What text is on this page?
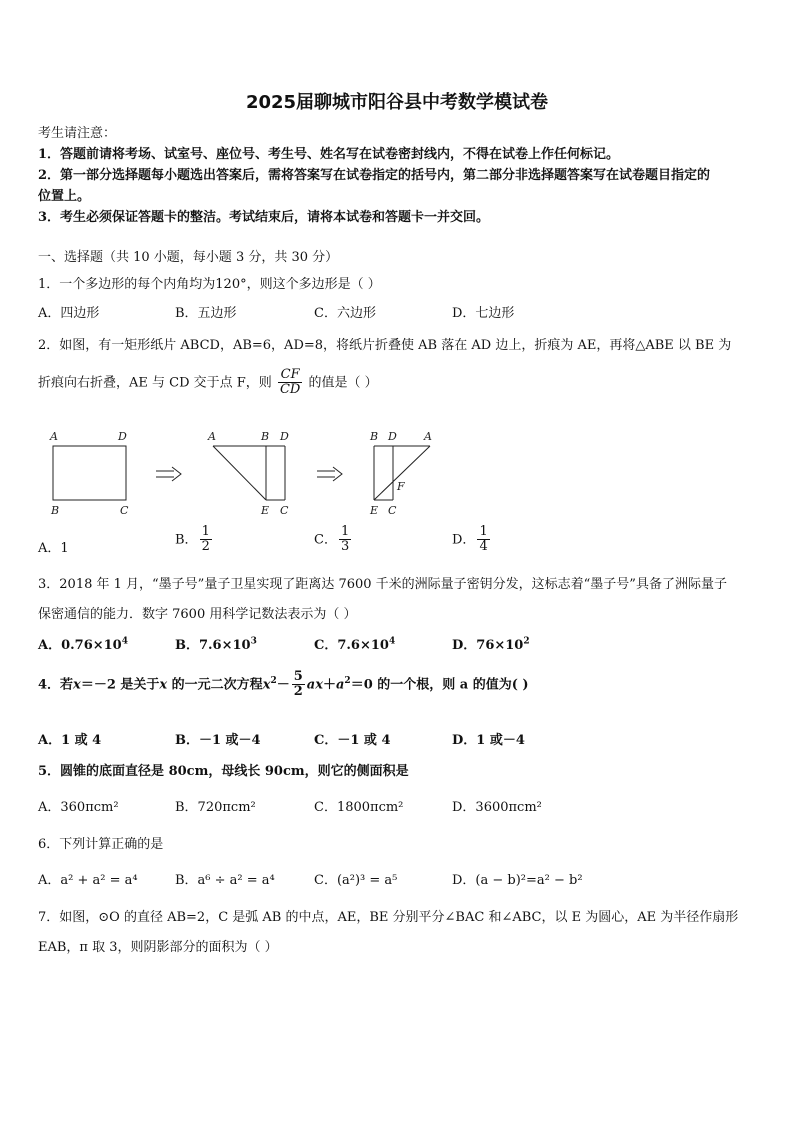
2025届聊城市阳谷县中考数学模试卷
考生请注意：
1．答题前请将考场、试室号、座位号、考生号、姓名写在试卷密封线内，不得在试卷上作任何标记。
2．第一部分选择题每小题选出答案后，需将答案写在试卷指定的括号内，第二部分非选择题答案写在试卷题目指定的
位置上。
3．考生必须保证答题卡的整洁。考试结束后，请将本试卷和答题卡一并交回。
一、选择题（共 10 小题，每小题 3 分，共 30 分）
1．一个多边形的每个内角均为120°，则这个多边形是（ ）
A．四边形	B．五边形	C．六边形	D．七边形
2．如图，有一矩形纸片 ABCD，AB=6，AD=8，将纸片折叠使 AB 落在 AD 边上，折痕为 AE，再将△ABE 以 BE 为
折痕向右折叠，AE 与 CD 交于点 F，则 $\frac{CF}{CD}$ 的值是（ ）
A	D
B	C
A	B D
E C
B D A
F
E C
A．1
B． $\frac{1}{2}$	C． $\frac{1}{3}$	D． $\frac{1}{4}$
3．2018 年 1 月，“墨子号”量子卫星实现了距离达 7600 千米的洲际量子密钥分发，这标志着“墨子号”具备了洲际量子
保密通信的能力．数字 7600 用科学记数法表示为（ ）
A．$0.76\times 10^4$	B．$7.6\times 10^3$	C．$7.6\times 10^4$	D．$76\times 10^2$
4．若x＝－2 是关于x 的一元二次方程$x^2- \frac{5}{2} ax+a^2=0$ 的一个根，则 a 的值为( )
A．1 或 4	B．－1 或－4	C．－1 或 4	D．1 或－4
5．圆锥的底面直径是 80cm，母线长 90cm，则它的侧面积是
A．360πcm²	B．720πcm²	C．1800πcm²	D．3600πcm²
6．下列计算正确的是
A．a² + a² = a⁴	B．a⁶ ÷ a² = a⁴	C．(a²)³ = a⁵	D．(a − b)²=a² − b²
7．如图，⊙O 的直径 AB=2，C 是弧 AB 的中点，AE，BE 分别平分∠BAC 和∠ABC，以 E 为圆心，AE 为半径作扇形
EAB，π 取 3，则阴影部分的面积为（ ）
